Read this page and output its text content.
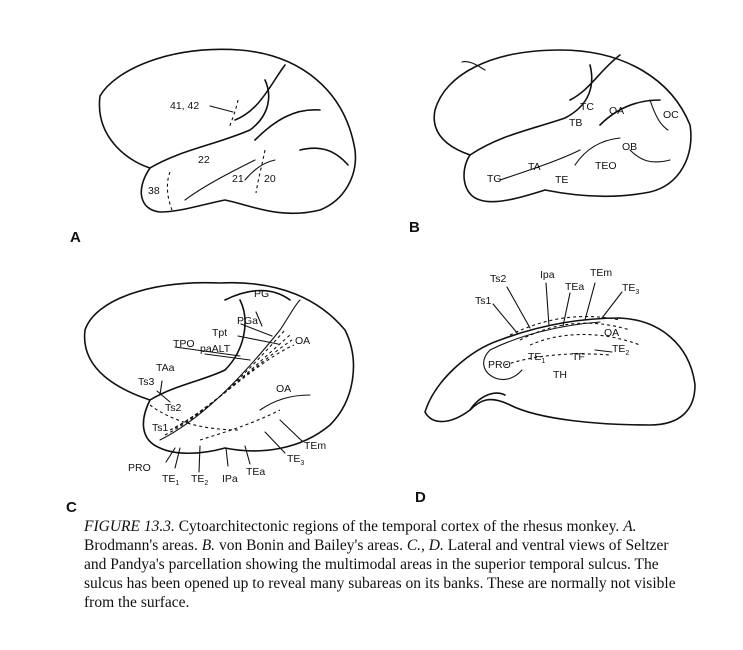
41, 42
22
21 20
38
A
TC
TB
OA	OC
OB
TA
TG	TE
TEO
B
PG
PGa
Tpt
TPO paALT
OA
OA
TAa
Ts3
Ts2
Ts1
PRO
TEm
$TE_3$
TEa
IPa
$TE_2$
$TE_1$
C
Ts2	Ipa	TEm
TEa	$TE_3$
Ts1
OA
$TE_2$
PRO
$TE_1$	TF
TH
D
FIGURE 13.3. Cytoarchitectonic regions of the temporal cortex of the rhesus monkey. A. Brodmann's areas. B. von Bonin and Bailey's areas. C., D. Lateral and ventral views of Seltzer and Pandya's parcellation showing the multimodal areas in the superior temporal sulcus. The sulcus has been opened up to reveal many subareas on its banks. These are normally not visible from the surface.
